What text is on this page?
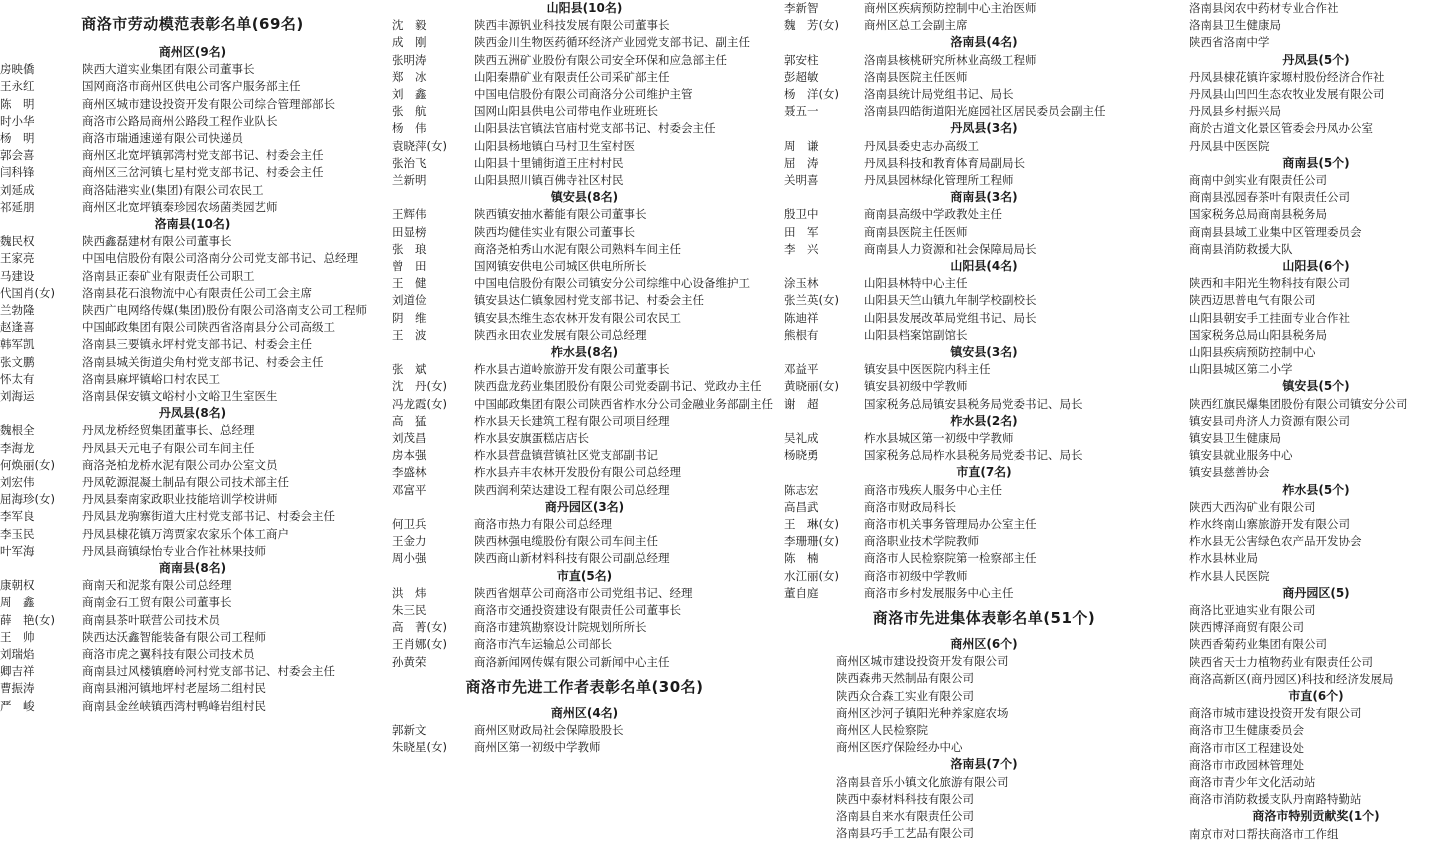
商洛市劳动模范表彰名单(69名)
商州区(9名)
房映僑	陕西大道实业集团有限公司董事长
王永红	国网商洛市商州区供电公司客户服务部主任
陈　明	商州区城市建设投资开发有限公司综合管理部部长
时小华	商洛市公路局商州公路段工程作业队长
杨　明	商洛市瑞通速递有限公司快递员
郭会喜	商州区北宽坪镇郭湾村党支部书记、村委会主任
闫科锋	商州区三岔河镇七星村党支部书记、村委会主任
刘延成	商洛陆港实业(集团)有限公司农民工
祁延朋	商州区北宽坪镇秦珍园农场菌类园艺师
洛南县(10名)
魏民权	陕西鑫磊建材有限公司董事长
王家亮	中国电信股份有限公司洛南分公司党支部书记、总经理
马建设	洛南县正泰矿业有限责任公司职工
代国肖(女)	洛南县花石浪物流中心有限责任公司工会主席
兰勃隆	陕西广电网络传媒(集团)股份有限公司洛南支公司工程师
赵逢喜	中国邮政集团有限公司陕西省洛南县分公司高级工
韩军凯	洛南县三要镇永坪村党支部书记、村委会主任
张文鹏	洛南县城关街道尖角村党支部书记、村委会主任
怀太有	洛南县麻坪镇峪口村农民工
刘海运	洛南县保安镇文峪村小文峪卫生室医生
丹凤县(8名)
魏根全	丹凤龙桥经贸集团董事长、总经理
李海龙	丹凤县天元电子有限公司车间主任
何焕丽(女)	商洛尧柏龙桥水泥有限公司办公室文员
刘宏伟	丹凤乾源混凝土制品有限公司技术部主任
屈海珍(女)	丹凤县秦南家政职业技能培训学校讲师
李军良	丹凤县龙驹寨街道大庄村党支部书记、村委会主任
李玉民	丹凤县棣花镇万湾贾家农家乐个体工商户
叶军海	丹凤县商镇绿怡专业合作社林果技师
商南县(8名)
康朝权	商南天和泥浆有限公司总经理
周　鑫	商南金石工贸有限公司董事长
薛　艳(女)	商南县茶叶联营公司技术员
王　帅	陕西达沃鑫智能装备有限公司工程师
刘瑞焰	商洛市虎之翼科技有限公司技术员
卿吉祥	商南县过风楼镇磨岭河村党支部书记、村委会主任
曹振涛	商南县湘河镇地坪村老屋场二组村民
严　峻	商南县金丝峡镇西湾村鸭峰岩组村民
山阳县(10名)
沈　毅	陕西丰源钒业科技发展有限公司董事长
成　刚	陕西金川生物医药循环经济产业园党支部书记、副主任
张明涛	陕西五洲矿业股份有限公司安全环保和应急部主任
郑　冰	山阳秦鼎矿业有限责任公司采矿部主任
刘　鑫	中国电信股份有限公司商洛分公司维护主管
张　航	国网山阳县供电公司带电作业班班长
杨　伟	山阳县法官镇法官庙村党支部书记、村委会主任
袁晓萍(女)	山阳县杨地镇白马村卫生室村医
张治飞	山阳县十里铺街道王庄村村民
兰新明	山阳县照川镇百佛寺社区村民
镇安县(8名)
王辉伟	陕西镇安抽水蓄能有限公司董事长
田显榜	陕西均健佳实业有限公司董事长
张　琅	商洛尧柏秀山水泥有限公司熟料车间主任
曾　田	国网镇安供电公司城区供电所所长
王　健	中国电信股份有限公司镇安分公司综维中心设备维护工
刘道俭	镇安县达仁镇象园村党支部书记、村委会主任
阴　维	镇安县杰维生态农林开发有限公司农民工
王　波	陕西永田农业发展有限公司总经理
柞水县(8名)
张　斌	柞水县古道岭旅游开发有限公司董事长
沈　丹(女)	陕西盘龙药业集团股份有限公司党委副书记、党政办主任
冯龙霞(女)	中国邮政集团有限公司陕西省柞水分公司金融业务部副主任
高　猛	柞水县天长建筑工程有限公司项目经理
刘茂昌	柞水县安旗蛋糕店店长
房本强	柞水县营盘镇营镇社区党支部副书记
李盛林	柞水县卉丰农林开发股份有限公司总经理
邓富平	陕西润利荣达建设工程有限公司总经理
商丹园区(3名)
何卫兵	商洛市热力有限公司总经理
王金力	陕西林强电缆股份有限公司车间主任
周小强	陕西商山新材料科技有限公司副总经理
市直(5名)
洪　炜	陕西省烟草公司商洛市公司党组书记、经理
朱三民	商洛市交通投资建设有限责任公司董事长
高　菁(女)	商洛市建筑勘察设计院规划所所长
王肖娜(女)	商洛市汽车运输总公司部长
孙黄荣	商洛新闻网传媒有限公司新闻中心主任
商洛市先进工作者表彰名单(30名)
商州区(4名)
郭新文	商州区财政局社会保障股股长
朱晓星(女)	商州区第一初级中学教师
李新智	商州区疾病预防控制中心主治医师
魏　芳(女)	商州区总工会副主席
洛南县(4名)
郭安柱	洛南县核桃研究所林业高级工程师
彭超敏	洛南县医院主任医师
杨　洋(女)	洛南县统计局党组书记、局长
聂五一	洛南县四皓街道阳光庭园社区居民委员会副主任
丹凤县(3名)
周　谦	丹凤县委史志办高级工
屈　涛	丹凤县科技和教育体育局副局长
关明喜	丹凤县园林绿化管理所工程师
商南县(3名)
殷卫中	商南县高级中学政教处主任
田　军	商南县医院主任医师
李　兴	商南县人力资源和社会保障局局长
山阳县(4名)
涂玉林	山阳县林特中心主任
张兰英(女)	山阳县天竺山镇九年制学校副校长
陈迪祥	山阳县发展改革局党组书记、局长
熊根有	山阳县档案馆副馆长
镇安县(3名)
邓益平	镇安县中医医院内科主任
黄晓丽(女)	镇安县初级中学教师
谢　超	国家税务总局镇安县税务局党委书记、局长
柞水县(2名)
吴礼成	柞水县城区第一初级中学教师
杨晓勇	国家税务总局柞水县税务局党委书记、局长
市直(7名)
陈志宏	商洛市残疾人服务中心主任
高昌武	商洛市财政局科长
王　琳(女)	商洛市机关事务管理局办公室主任
李珊珊(女)	商洛职业技术学院教师
陈　楠	商洛市人民检察院第一检察部主任
水江丽(女)	商洛市初级中学教师
董自庭	商洛市乡村发展服务中心主任
商洛市先进集体表彰名单(51个)
商州区(6个)
商州区城市建设投资开发有限公司
陕西森弗天然制品有限公司
陕西众合森工实业有限公司
商州区沙河子镇阳光种养家庭农场
商州区人民检察院
商州区医疗保险经办中心
洛南县(7个)
洛南县音乐小镇文化旅游有限公司
陕西中泰材料科技有限公司
洛南县自来水有限责任公司
洛南县巧手工艺品有限公司
洛南县闵农中药材专业合作社
洛南县卫生健康局
陕西省洛南中学
丹凤县(5个)
丹凤县棣花镇许家塬村股份经济合作社
丹凤县山凹凹生态农牧业发展有限公司
丹凤县乡村振兴局
商於古道文化景区管委会丹凤办公室
丹凤县中医医院
商南县(5个)
商南中剑实业有限责任公司
商南县泓园春茶叶有限责任公司
国家税务总局商南县税务局
商南县县域工业集中区管理委员会
商南县消防救援大队
山阳县(6个)
陕西和丰阳光生物科技有限公司
陕西迈思普电气有限公司
山阳县朝安手工挂面专业合作社
国家税务总局山阳县税务局
山阳县疾病预防控制中心
山阳县城区第二小学
镇安县(5个)
陕西红旗民爆集团股份有限公司镇安分公司
镇安县司舟济人力资源有限公司
镇安县卫生健康局
镇安县就业服务中心
镇安县慈善协会
柞水县(5个)
陕西大西沟矿业有限公司
柞水终南山寨旅游开发有限公司
柞水县无公害绿色农产品开发协会
柞水县林业局
柞水县人民医院
商丹园区(5)
商洛比亚迪实业有限公司
陕西博泽商贸有限公司
陕西香菊药业集团有限公司
陕西省天士力植物药业有限责任公司
商洛高新区(商丹园区)科技和经济发展局
市直(6个)
商洛市城市建设投资开发有限公司
商洛市卫生健康委员会
商洛市市区工程建设处
商洛市市政园林管理处
商洛市青少年文化活动站
商洛市消防救援支队丹南路特勤站
商洛市特别贡献奖(1个)
南京市对口帮扶商洛市工作组
